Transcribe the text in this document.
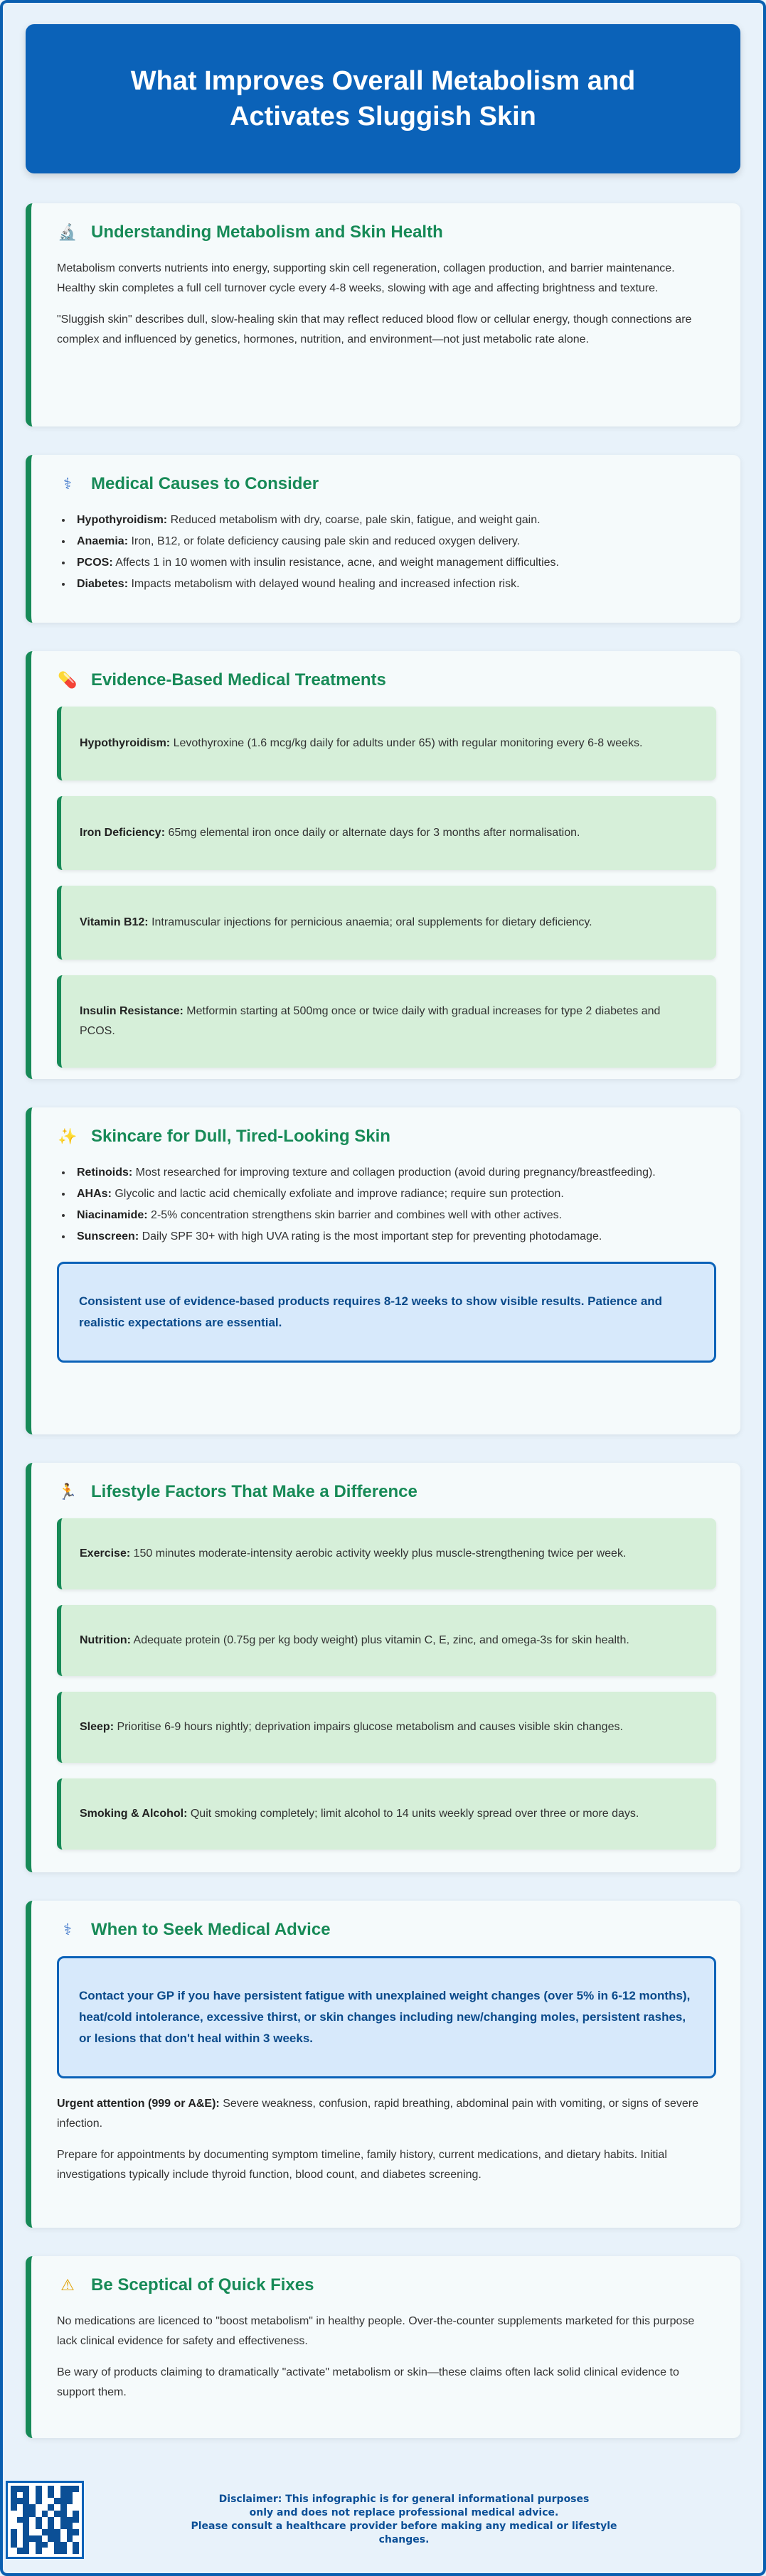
What Improves Overall Metabolism and Activates Sluggish Skin
🔬 Understanding Metabolism and Skin Health

Metabolism converts nutrients into energy, supporting skin cell regeneration, collagen production, and barrier maintenance. Healthy skin completes a full cell turnover cycle every 4-8 weeks, slowing with age and affecting brightness and texture.

"Sluggish skin" describes dull, slow-healing skin that may reflect reduced blood flow or cellular energy, though connections are complex and influenced by genetics, hormones, nutrition, and environment—not just metabolic rate alone.

⚕	Medical Causes to Consider
• Hypothyroidism: Reduced metabolism with dry, coarse, pale skin, fatigue, and weight gain.
• Anaemia: Iron, B12, or folate deficiency causing pale skin and reduced oxygen delivery.
• PCOS: Affects 1 in 10 women with insulin resistance, acne, and weight management difficulties.
• Diabetes: Impacts metabolism with delayed wound healing and increased infection risk.
💊 Evidence-Based Medical Treatments
Hypothyroidism: Levothyroxine (1.6 mcg/kg daily for adults under 65) with regular monitoring every 6-8 weeks.
Iron Deficiency: 65mg elemental iron once daily or alternate days for 3 months after normalisation.
Vitamin B12: Intramuscular injections for pernicious anaemia; oral supplements for dietary deficiency.
Insulin Resistance: Metformin starting at 500mg once or twice daily with gradual increases for type 2 diabetes and PCOS.
✨ Skincare for Dull, Tired-Looking Skin
• Retinoids: Most researched for improving texture and collagen production (avoid during pregnancy/breastfeeding).
• AHAs: Glycolic and lactic acid chemically exfoliate and improve radiance; require sun protection.
• Niacinamide: 2-5% concentration strengthens skin barrier and combines well with other actives.
• Sunscreen: Daily SPF 30+ with high UVA rating is the most important step for preventing photodamage.
Consistent use of evidence-based products requires 8-12 weeks to show visible results. Patience and realistic expectations are essential.
🏃 Lifestyle Factors That Make a Difference
Exercise: 150 minutes moderate-intensity aerobic activity weekly plus muscle-strengthening twice per week.
Nutrition: Adequate protein (0.75g per kg body weight) plus vitamin C, E, zinc, and omega-3s for skin health.
Sleep: Prioritise 6-9 hours nightly; deprivation impairs glucose metabolism and causes visible skin changes.
Smoking & Alcohol: Quit smoking completely; limit alcohol to 14 units weekly spread over three or more days.
⚕	When to Seek Medical Advice
Contact your GP if you have persistent fatigue with unexplained weight changes (over 5% in 6-12 months), heat/cold intolerance, excessive thirst, or skin changes including new/changing moles, persistent rashes, or lesions that don't heal within 3 weeks.

Urgent attention (999 or A&E): Severe weakness, confusion, rapid breathing, abdominal pain with vomiting, or signs of severe infection.

Prepare for appointments by documenting symptom timeline, family history, current medications, and dietary habits. Initial investigations typically include thyroid function, blood count, and diabetes screening.

⚠ Be Sceptical of Quick Fixes

No medications are licenced to "boost metabolism" in healthy people. Over-the-counter supplements marketed for this purpose lack clinical evidence for safety and effectiveness.

Be wary of products claiming to dramatically "activate" metabolism or skin—these claims often lack solid clinical evidence to support them.

Disclaimer: This infographic is for general informational purposes
only and does not replace professional medical advice.
Please consult a healthcare provider before making any medical or lifestyle changes.
